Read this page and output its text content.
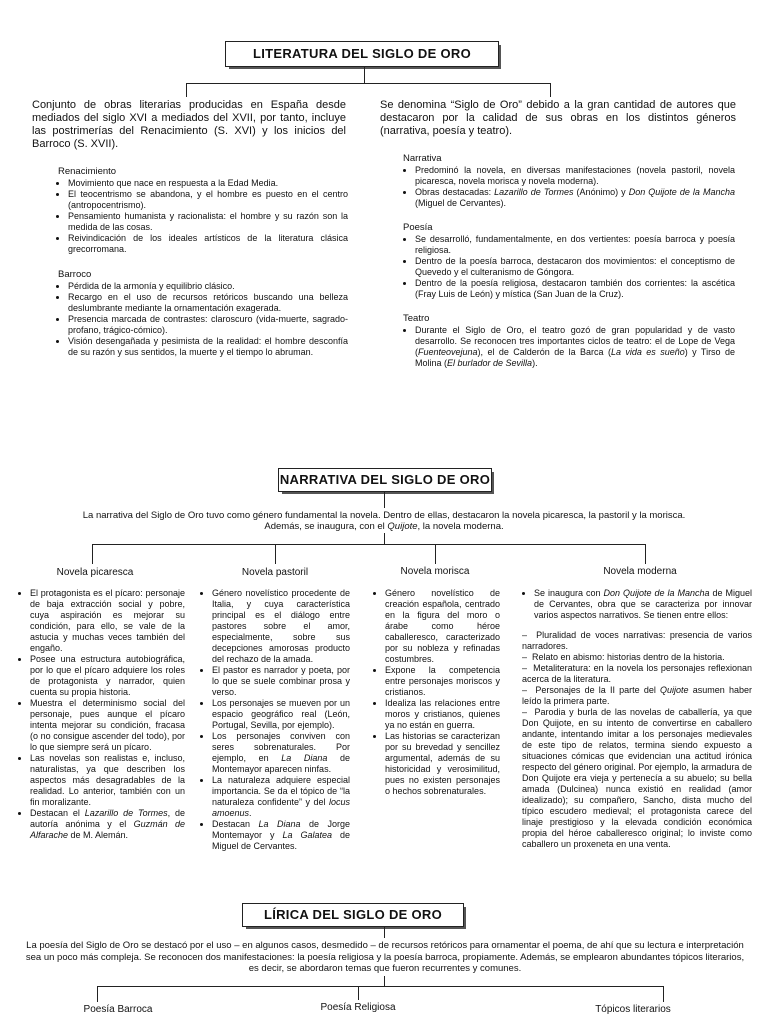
LITERATURA DEL SIGLO DE ORO
Conjunto de obras literarias producidas en España desde mediados del siglo XVI a mediados del XVII, por tanto, incluye las postrimerías del Renacimiento (S. XVI) y los inicios del Barroco (S. XVII).
Se denomina “Siglo de Oro” debido a la gran cantidad de autores que destacaron por la calidad de sus obras en los distintos géneros (narrativa, poesía y teatro).
Renacimiento
• Movimiento que nace en respuesta a la Edad Media.
• El teocentrismo se abandona, y el hombre es puesto en el centro (antropocentrismo).
• Pensamiento humanista y racionalista: el hombre y su razón son la medida de las cosas.
• Reivindicación de los ideales artísticos de la literatura clásica grecorromana.
Barroco
• Pérdida de la armonía y equilibrio clásico.
• Recargo en el uso de recursos retóricos buscando una belleza deslumbrante mediante la ornamentación exagerada.
• Presencia marcada de contrastes: claroscuro (vida-muerte, sagrado-profano, trágico-cómico).
• Visión desengañada y pesimista de la realidad: el hombre desconfía de su razón y sus sentidos, la muerte y el tiempo lo abruman.
Narrativa
• Predominó la novela, en diversas manifestaciones (novela pastoril, novela picaresca, novela morisca y novela moderna).
• Obras destacadas: Lazarillo de Tormes (Anónimo) y Don Quijote de la Mancha (Miguel de Cervantes).
Poesía
• Se desarrolló, fundamentalmente, en dos vertientes: poesía barroca y poesía religiosa.
• Dentro de la poesía barroca, destacaron dos movimientos: el conceptismo de Quevedo y el culteranismo de Góngora.
• Dentro de la poesía religiosa, destacaron también dos corrientes: la ascética (Fray Luis de León) y mística (San Juan de la Cruz).
Teatro
• Durante el Siglo de Oro, el teatro gozó de gran popularidad y de vasto desarrollo. Se reconocen tres importantes ciclos de teatro: el de Lope de Vega (Fuenteovejuna), el de Calderón de la Barca (La vida es sueño) y Tirso de Molina (El burlador de Sevilla).
NARRATIVA DEL SIGLO DE ORO
La narrativa del Siglo de Oro tuvo como género fundamental la novela. Dentro de ellas, destacaron la novela picaresca, la pastoril y la morisca.
Además, se inaugura, con el Quijote, la novela moderna.
Novela picaresca	Novela pastoril	Novela morisca	Novela moderna
• El protagonista es el pícaro: personaje de baja extracción social y pobre, cuya aspiración es mejorar su condición, para ello, se vale de la astucia y muchas veces también del engaño.
• Posee una estructura autobiográfica, por lo que el pícaro adquiere los roles de protagonista y narrador, quien cuenta su propia historia.
• Muestra el determinismo social del personaje, pues aunque el pícaro intenta mejorar su condición, fracasa (o no consigue ascender del todo), por lo que siempre será un pícaro.
• Las novelas son realistas e, incluso, naturalistas, ya que describen los aspectos más desagradables de la realidad. Lo anterior, también con un fin moralizante.
• Destacan el Lazarillo de Tormes, de autoría anónima y el Guzmán de Alfarache de M. Alemán.
• Género novelístico procedente de Italia, y cuya característica principal es el diálogo entre pastores sobre el amor, especialmente, sobre sus decepciones amorosas producto del rechazo de la amada.
• El pastor es narrador y poeta, por lo que se suele combinar prosa y verso.
• Los personajes se mueven por un espacio geográfico real (León, Portugal, Sevilla, por ejemplo).
• Los personajes conviven con seres sobrenaturales. Por ejemplo, en La Diana de Montemayor aparecen ninfas.
• La naturaleza adquiere especial importancia. Se da el tópico de “la naturaleza confidente” y del locus amoenus.
• Destacan La Diana de Jorge Montemayor y La Galatea de Miguel de Cervantes.
• Género novelístico de creación española, centrado en la figura del moro o árabe como héroe caballeresco, caracterizado por su nobleza y refinadas costumbres.
• Expone la competencia entre personajes moriscos y cristianos.
• Idealiza las relaciones entre moros y cristianos, quienes ya no están en guerra.
• Las historias se caracterizan por su brevedad y sencillez argumental, además de su historicidad y verosimilitud, pues no existen personajes o hechos sobrenaturales.
• Se inaugura con Don Quijote de la Mancha de Miguel de Cervantes, obra que se caracteriza por innovar varios aspectos narrativos. Se tienen entre ellos:
–  Pluralidad de voces narrativas: presencia de varios narradores.
–  Relato en abismo: historias dentro de la historia.
–  Metaliteratura: en la novela los personajes reflexionan acerca de la literatura.
–  Personajes de la II parte del Quijote asumen haber leído la primera parte.
–  Parodia y burla de las novelas de caballería, ya que Don Quijote, en su intento de convertirse en caballero andante, intentando imitar a los personajes medievales de este tipo de relatos, termina siendo expuesto a situaciones cómicas que evidencian una actitud irónica respecto del género original. Por ejemplo, la armadura de Don Quijote era vieja y pertenecía a su abuelo; su bella amada (Dulcinea) nunca existió en realidad (amor idealizado); su compañero, Sancho, dista mucho del típico escudero medieval; el protagonista carece del linaje prestigioso y la elevada condición económica propia del héroe caballeresco original; lo inviste como caballero un proxeneta en una venta.
LÍRICA DEL SIGLO DE ORO
La poesía del Siglo de Oro se destacó por el uso – en algunos casos, desmedido – de recursos retóricos para ornamentar el poema, de ahí que su lectura e interpretación sea un poco más compleja. Se reconocen dos manifestaciones: la poesía religiosa y la poesía barroca, propiamente. Además, se emplearon abundantes tópicos literarios, es decir, se abordaron temas que fueron recurrentes y comunes.
Poesía Barroca	Poesía Religiosa	Tópicos literarios
